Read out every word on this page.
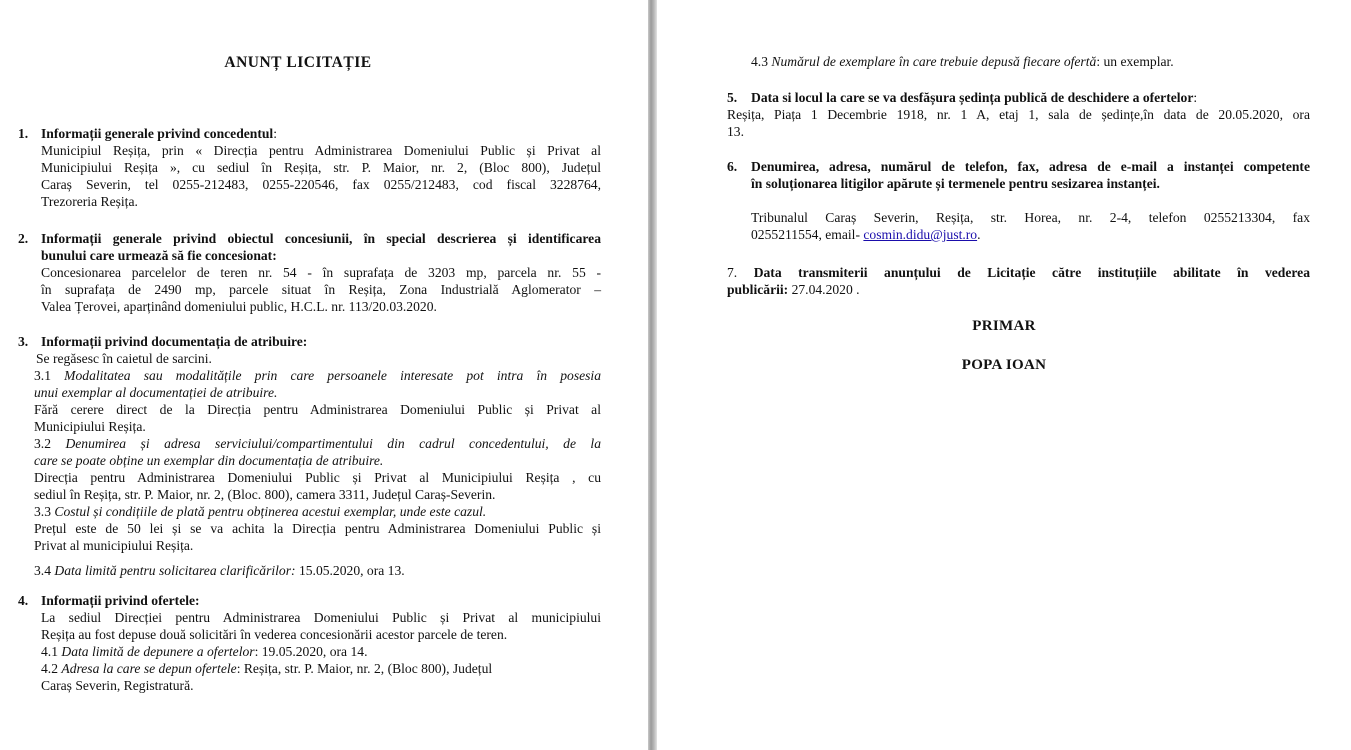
ANUNȚ LICITAȚIE
1. Informații generale privind concedentul:
Municipiul Reșița, prin « Direcția pentru Administrarea Domeniului Public și Privat al
Municipiului Reșița », cu sediul în Reșița, str. P. Maior, nr. 2, (Bloc 800), Județul
Caraș Severin, tel 0255-212483, 0255-220546, fax 0255/212483, cod fiscal 3228764,
Trezoreria Reșița.
2. Informații generale privind obiectul concesiunii, în special descrierea și identificarea
bunului care urmează să fie concesionat:
Concesionarea parcelelor de teren nr. 54 - în suprafața de 3203 mp, parcela nr. 55 -
în suprafața de 2490 mp, parcele situat în Reșița, Zona Industrială Aglomerator –
Valea Țerovei, aparținând domeniului public, H.C.L. nr. 113/20.03.2020.
3. Informații privind documentația de atribuire:
Se regăsesc în caietul de sarcini.
3.1 Modalitatea sau modalitățile prin care persoanele interesate pot intra în posesia
unui exemplar al documentației de atribuire.
Fără cerere direct de la Direcția pentru Administrarea Domeniului Public și Privat al
Municipiului Reșița.
3.2 Denumirea și adresa serviciului/compartimentului din cadrul concedentului, de la
care se poate obține un exemplar din documentația de atribuire.
Direcția pentru Administrarea Domeniului Public și Privat al Municipiului Reșița , cu
sediul în Reșița, str. P. Maior, nr. 2, (Bloc. 800), camera 3311, Județul Caraș-Severin.
3.3 Costul și condițiile de plată pentru obținerea acestui exemplar, unde este cazul.
Prețul este de 50 lei și se va achita la Direcția pentru Administrarea Domeniului Public și
Privat al municipiului Reșița.
3.4 Data limită pentru solicitarea clarificărilor: 15.05.2020, ora 13.
4. Informații privind ofertele:
La sediul Direcției pentru Administrarea Domeniului Public și Privat al municipiului
Reșița au fost depuse două solicitări în vederea concesionării acestor parcele de teren.
4.1 Data limită de depunere a ofertelor: 19.05.2020, ora 14.
4.2 Adresa la care se depun ofertele: Reșița, str. P. Maior, nr. 2, (Bloc 800), Județul
Caraș Severin, Registratură.
4.3 Numărul de exemplare în care trebuie depusă fiecare ofertă: un exemplar.
5.	Data si locul la care se va desfășura ședința publică de deschidere a ofertelor:
Reșița, Piața 1 Decembrie 1918, nr. 1 A, etaj 1, sala de ședințe,în data de 20.05.2020, ora
13.
6. Denumirea, adresa, numărul de telefon, fax, adresa de e-mail a instanței competente
în soluționarea litigilor apărute și termenele pentru sesizarea instanței.
Tribunalul Caraș Severin, Reșița, str. Horea, nr. 2-4, telefon 0255213304, fax
0255211554, email- cosmin.didu@just.ro.
7. Data transmiterii anunțului de Licitație către instituțiile abilitate în vederea
publicării: 27.04.2020 .
PRIMAR
POPA IOAN
